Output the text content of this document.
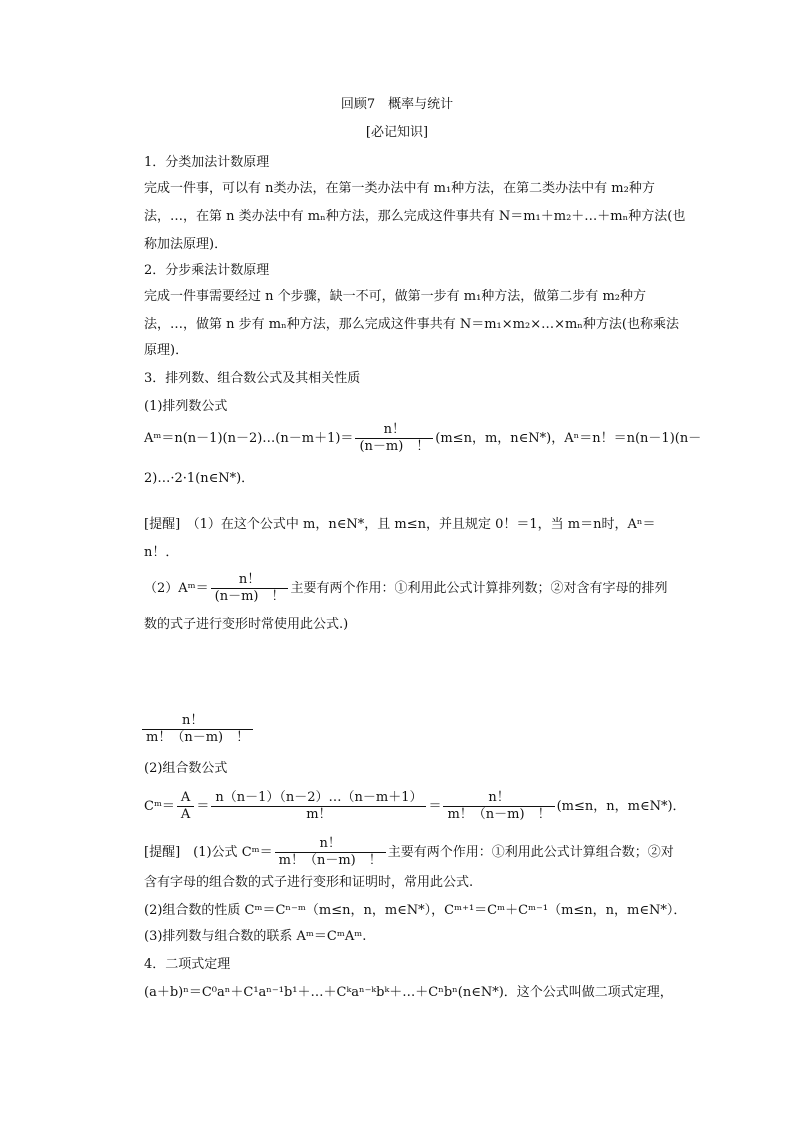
回顾7　概率与统计
[必记知识]
1．分类加法计数原理
完成一件事，可以有 n类办法，在第一类办法中有 m₁种方法，在第二类办法中有 m₂种方
法，…，在第 n 类办法中有 mₙ种方法，那么完成这件事共有 N＝m₁＋m₂＋…＋mₙ种方法(也
称加法原理)．
2．分步乘法计数原理
完成一件事需要经过 n 个步骤，缺一不可，做第一步有 m₁种方法，做第二步有 m₂种方
法，…，做第 n 步有 mₙ种方法，那么完成这件事共有 N＝m₁×m₂×…×mₙ种方法(也称乘法
原理)．
3．排列数、组合数公式及其相关性质
(1)排列数公式
Aᵐ＝n(n－1)(n－2)…(n－m＋1)＝ $\frac{n!}{(n-m) !} (m\le n$，m，n∈N*)，Aⁿ＝n！＝n(n－1)(n－
2)…·2·1(n∈N*)．
[提醒]　（1）在这个公式中 m，n∈N*，且 m≤n，并且规定 0！＝1，当 m＝n时，Aⁿ＝
n！．
（2）Aᵐ＝ $\frac{n!}{(n-m) !}$ 主要有两个作用：①利用此公式计算排列数；②对含有字母的排列
数的式子进行变形时常使用此公式.)
$\frac{n!}{m!(n-m) !}$
(2)组合数公式
Cᵐ＝ $\frac{A}{A} = \frac{n(n-1)(n-2)\dots(n-m+1)}{m!} = \frac{n!}{m!(n-m) !} (m\le n$，n，m∈N*)．
[提醒]　(1)公式 Cᵐ＝ $\frac{n!}{m!(n-m) !}$ 主要有两个作用：①利用此公式计算组合数；②对
含有字母的组合数的式子进行变形和证明时，常用此公式.
(2)组合数的性质 Cᵐ＝Cⁿ⁻ᵐ（m≤n，n，m∈N*），Cᵐ⁺¹＝Cᵐ＋Cᵐ⁻¹（m≤n，n，m∈N*）．
(3)排列数与组合数的联系 Aᵐ＝CᵐAᵐ.
4．二项式定理
(a＋b)ⁿ＝C⁰aⁿ＋C¹aⁿ⁻¹b¹＋…＋Cᵏaⁿ⁻ᵏbᵏ＋…＋Cⁿbⁿ(n∈N*)．这个公式叫做二项式定理，
